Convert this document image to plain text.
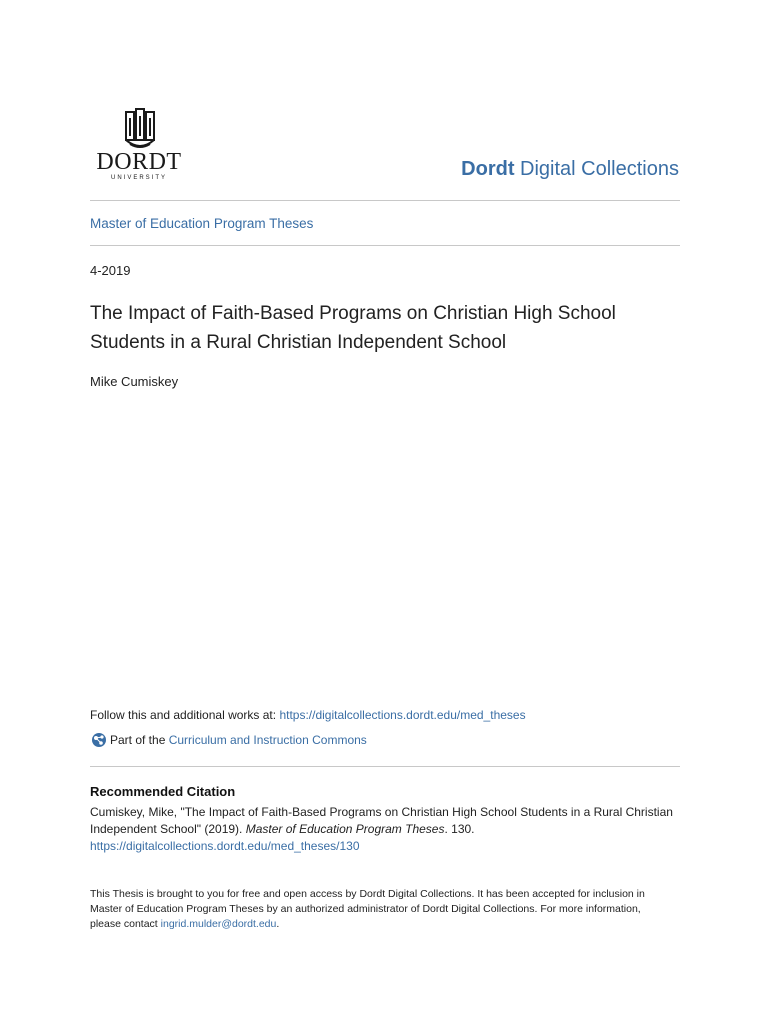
DORDT
UNIVERSITY	Dordt Digital Collections
Master of Education Program Theses
4-2019
The Impact of Faith-Based Programs on Christian High School Students in a Rural Christian Independent School
Mike Cumiskey
Follow this and additional works at: https://digitalcollections.dordt.edu/med_theses
Part of the
Curriculum and Instruction Commons
Recommended Citation
Cumiskey, Mike, "The Impact of Faith-Based Programs on Christian High School Students in a Rural Christian Independent School" (2019). Master of Education Program Theses. 130.
https://digitalcollections.dordt.edu/med_theses/130
This Thesis is brought to you for free and open access by Dordt Digital Collections. It has been accepted for inclusion in Master of Education Program Theses by an authorized administrator of Dordt Digital Collections. For more information, please contact ingrid.mulder@dordt.edu.
